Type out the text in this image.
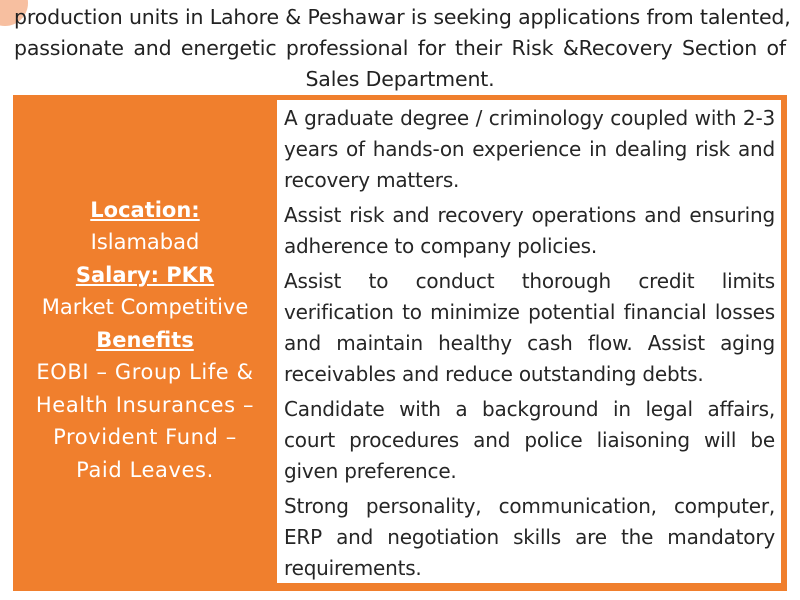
production units in Lahore & Peshawar is seeking applications from talented,
passionate and energetic professional for their Risk &Recovery Section of
Sales Department.
Location:
Islamabad
Salary: PKR
Market Competitive
Benefits
EOBI – Group Life & Health Insurances – Provident Fund – Paid Leaves.

A graduate degree / criminology coupled with 2-3 years of hands-on experience in dealing risk and recovery matters.

Assist risk and recovery operations and ensuring adherence to company policies.

Assist to conduct thorough credit limits verification to minimize potential financial losses and maintain healthy cash flow. Assist aging receivables and reduce outstanding debts.

Candidate with a background in legal affairs, court procedures and police liaisoning will be given preference.

Strong personality, communication, computer, ERP and negotiation skills are the mandatory requirements.
